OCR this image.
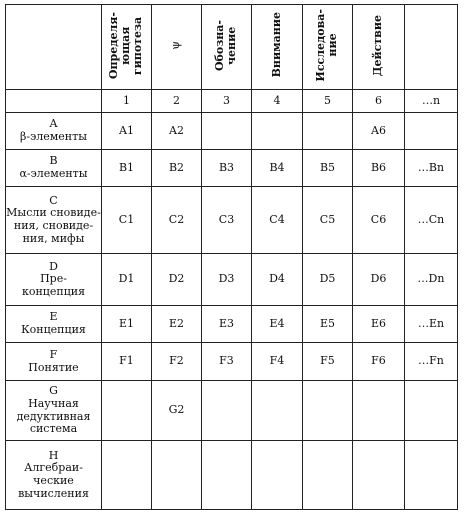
	Определя-
ющая
гипотеза	ψ	Обозна-
чение	Внимание	Исследова-
ние	Действие	
	1	2	3	4	5	6	…n
A
β-элементы	A1	A2				A6	
B
α-элементы	B1	B2	B3	B4	B5	B6	…Bn
C
Мысли сновиде-
ния, сновиде-
ния, мифы	C1	C2	C3	C4	C5	C6	…Cn
D
Пре-
концепция	D1	D2	D3	D4	D5	D6	…Dn
E
Концепция	E1	E2	E3	E4	E5	E6	…En
F
Понятие	F1	F2	F3	F4	F5	F6	…Fn
G
Научная
дедуктивная
система		G2					
H
Алгебраи-
ческие
вычисления							
